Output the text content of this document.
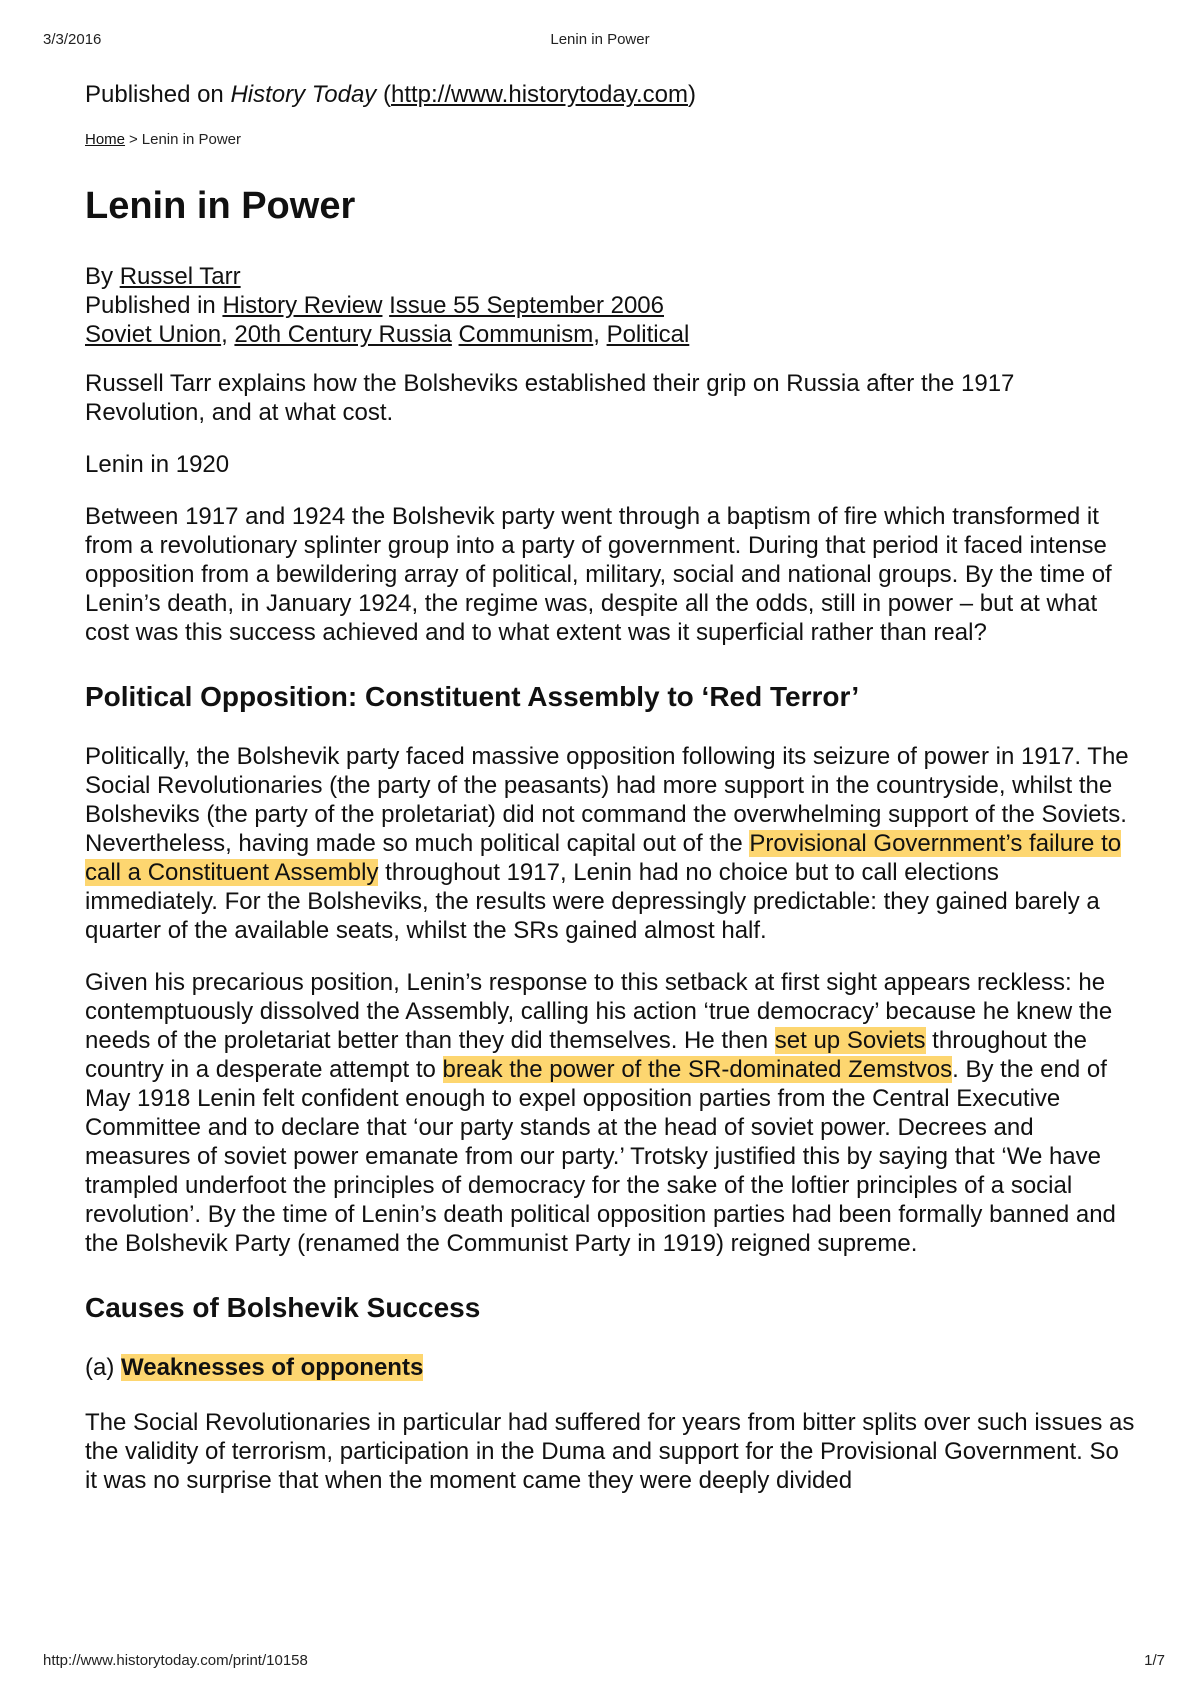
3/3/2016	Lenin in Power
Published on History Today (http://www.historytoday.com)
Home > Lenin in Power
Lenin in Power
By Russel Tarr
Published in History Review Issue 55 September 2006
Soviet Union, 20th Century Russia Communism, Political

Russell Tarr explains how the Bolsheviks established their grip on Russia after the 1917 Revolution, and at what cost.

Lenin in 1920

Between 1917 and 1924 the Bolshevik party went through a baptism of fire which transformed it from a revolutionary splinter group into a party of government. During that period it faced intense opposition from a bewildering array of political, military, social and national groups. By the time of Lenin’s death, in January 1924, the regime was, despite all the odds, still in power – but at what cost was this success achieved and to what extent was it superficial rather than real?

Political Opposition: Constituent Assembly to ‘Red Terror’

Politically, the Bolshevik party faced massive opposition following its seizure of power in 1917. The Social Revolutionaries (the party of the peasants) had more support in the countryside, whilst the Bolsheviks (the party of the proletariat) did not command the overwhelming support of the Soviets. Nevertheless, having made so much political capital out of the Provisional Government’s failure to call a Constituent Assembly throughout 1917, Lenin had no choice but to call elections immediately. For the Bolsheviks, the results were depressingly predictable: they gained barely a quarter of the available seats, whilst the SRs gained almost half.

Given his precarious position, Lenin’s response to this setback at first sight appears reckless: he contemptuously dissolved the Assembly, calling his action ‘true democracy’ because he knew the needs of the proletariat better than they did themselves. He then set up Soviets throughout the country in a desperate attempt to break the power of the SR-dominated Zemstvos. By the end of May 1918 Lenin felt confident enough to expel opposition parties from the Central Executive Committee and to declare that ‘our party stands at the head of soviet power. Decrees and measures of soviet power emanate from our party.’ Trotsky justified this by saying that ‘We have trampled underfoot the principles of democracy for the sake of the loftier principles of a social revolution’. By the time of Lenin’s death political opposition parties had been formally banned and the Bolshevik Party (renamed the Communist Party in 1919) reigned supreme.

Causes of Bolshevik Success
(a) Weaknesses of opponents

The Social Revolutionaries in particular had suffered for years from bitter splits over such issues as the validity of terrorism, participation in the Duma and support for the Provisional Government. So it was no surprise that when the moment came they were deeply divided

http://www.historytoday.com/print/10158	1/7
